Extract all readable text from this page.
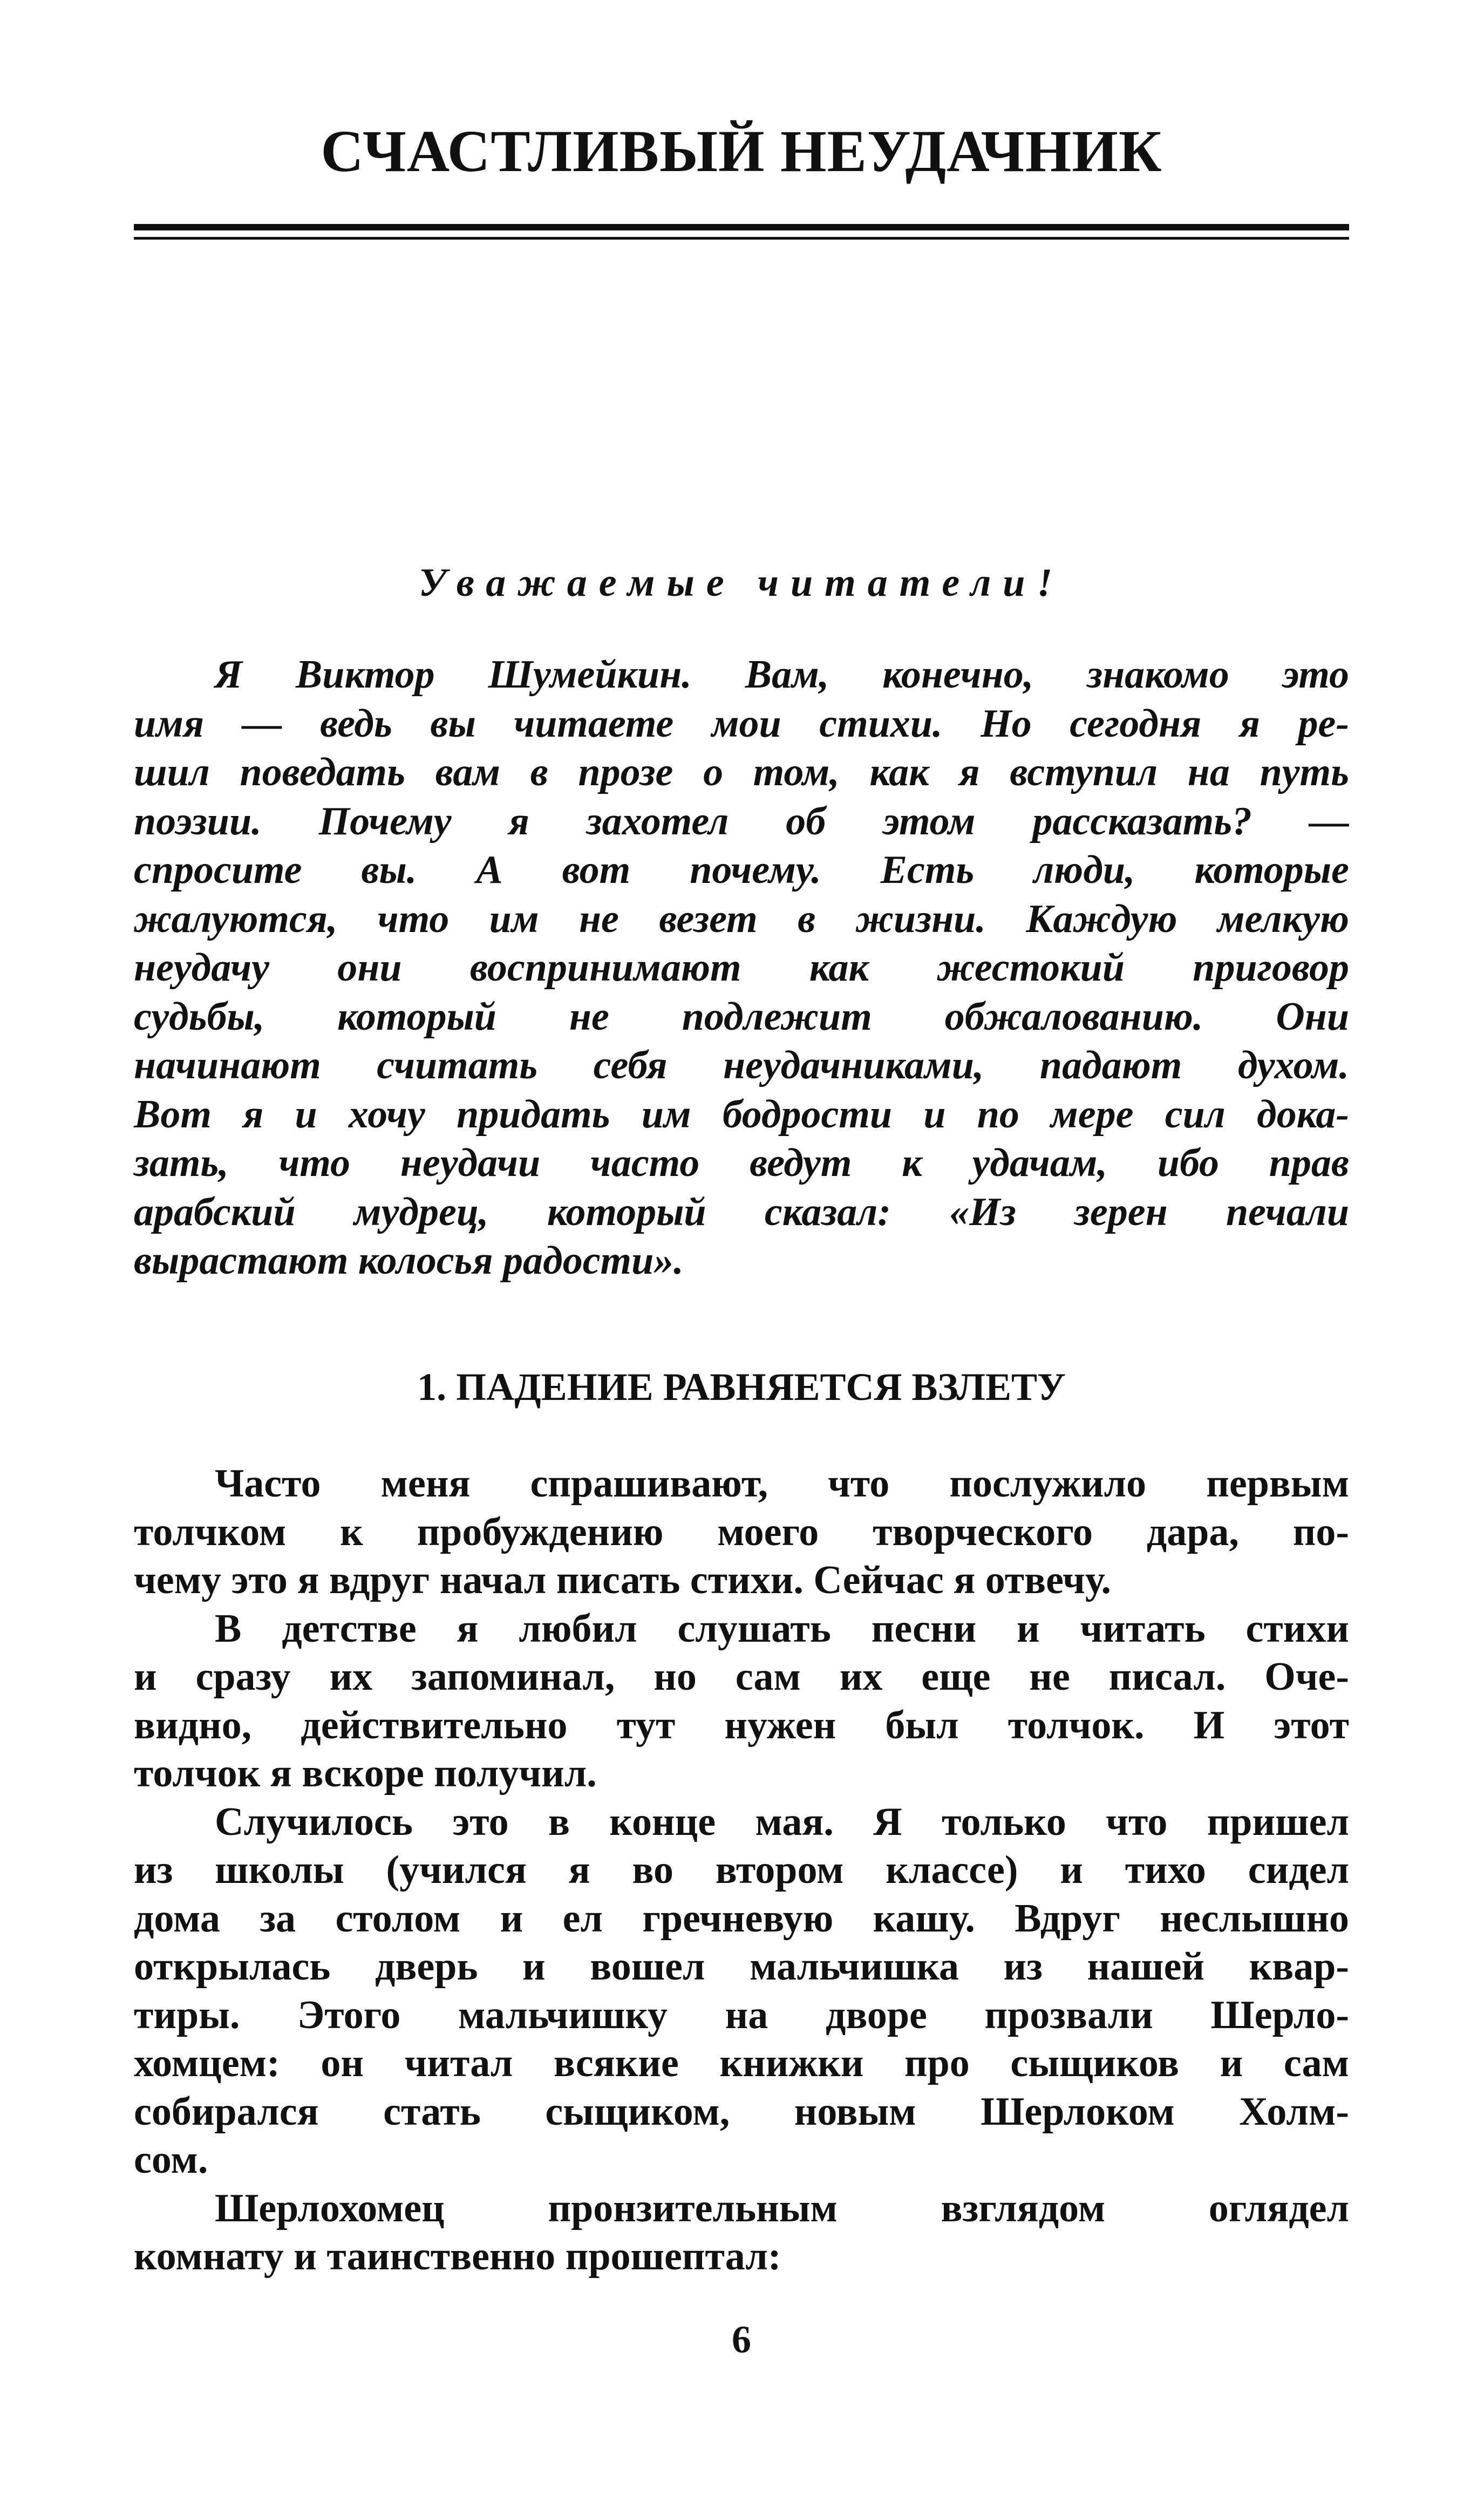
СЧАСТЛИВЫЙ НЕУДАЧНИК

Уважаемые читатели!

Я Виктор Шумейкин. Вам, конечно, знакомо это
имя — ведь вы читаете мои стихи. Но сегодня я ре-
шил поведать вам в прозе о том, как я вступил на путь
поэзии. Почему я захотел об этом рассказать? —
спросите вы. А вот почему. Есть люди, которые
жалуются, что им не везет в жизни. Каждую мелкую
неудачу они воспринимают как жестокий приговор
судьбы, который не подлежит обжалованию. Они
начинают считать себя неудачниками, падают духом.
Вот я и хочу придать им бодрости и по мере сил дока-
зать, что неудачи часто ведут к удачам, ибо прав
арабский мудрец, который сказал: «Из зерен печали
вырастают колосья радости».
1. ПАДЕНИЕ РАВНЯЕТСЯ ВЗЛЕТУ
Часто меня спрашивают, что послужило первым
толчком к пробуждению моего творческого дара, по-
чему это я вдруг начал писать стихи. Сейчас я отвечу.
В детстве я любил слушать песни и читать стихи
и сразу их запоминал, но сам их еще не писал. Оче-
видно, действительно тут нужен был толчок. И этот
толчок я вскоре получил.
Случилось это в конце мая. Я только что пришел
из школы (учился я во втором классе) и тихо сидел
дома за столом и ел гречневую кашу. Вдруг неслышно
открылась дверь и вошел мальчишка из нашей квар-
тиры. Этого мальчишку на дворе прозвали Шерло-
хомцем: он читал всякие книжки про сыщиков и сам
собирался стать сыщиком, новым Шерлоком Холм-
сом.
Шерлохомец пронзительным взглядом оглядел
комнату и таинственно прошептал:
6
